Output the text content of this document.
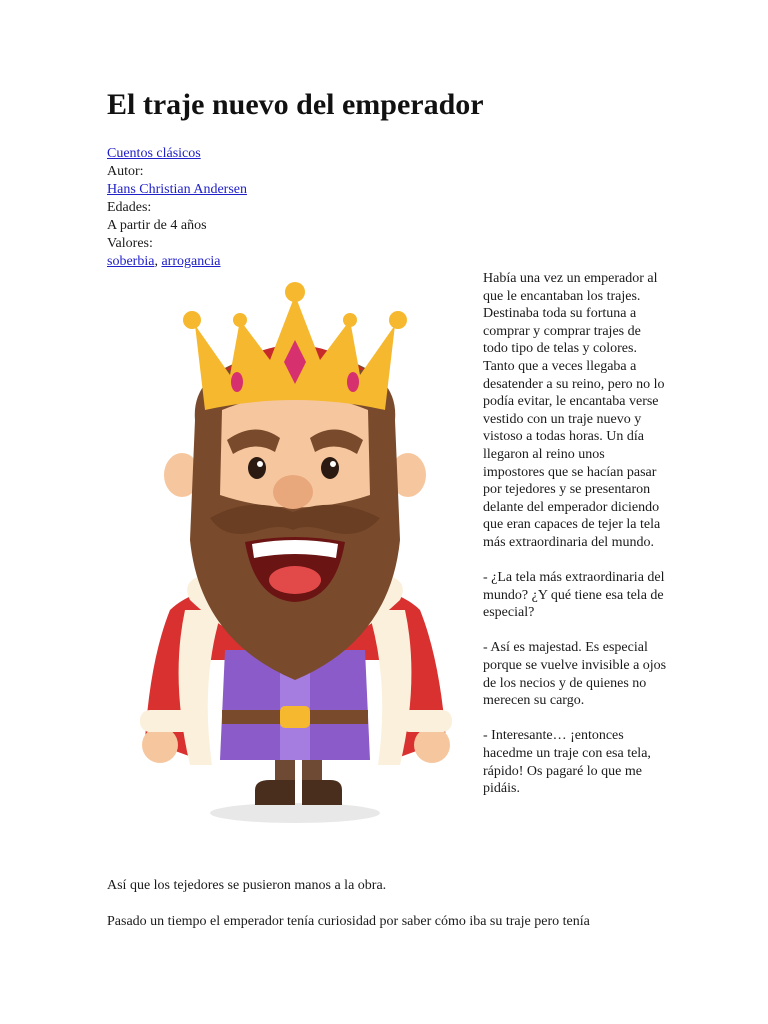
El traje nuevo del emperador
Cuentos clásicos
Autor:
Hans Christian Andersen
Edades:
A partir de 4 años
Valores:
soberbia, arrogancia

Había una vez un emperador al que le encantaban los trajes. Destinaba toda su fortuna a comprar y comprar trajes de todo tipo de telas y colores. Tanto que a veces llegaba a desatender a su reino, pero no lo podía evitar, le encantaba verse vestido con un traje nuevo y vistoso a todas horas. Un día llegaron al reino unos impostores que se hacían pasar por tejedores y se presentaron delante del emperador diciendo que eran capaces de tejer la tela más extraordinaria del mundo.

- ¿La tela más extraordinaria del mundo? ¿Y qué tiene esa tela de especial?

- Así es majestad. Es especial porque se vuelve invisible a ojos de los necios y de quienes no merecen su cargo.

- Interesante… ¡entonces hacedme un traje con esa tela, rápido! Os pagaré lo que me pidáis.

Así que los tejedores se pusieron manos a la obra.

Pasado un tiempo el emperador tenía curiosidad por saber cómo iba su traje pero tenía
